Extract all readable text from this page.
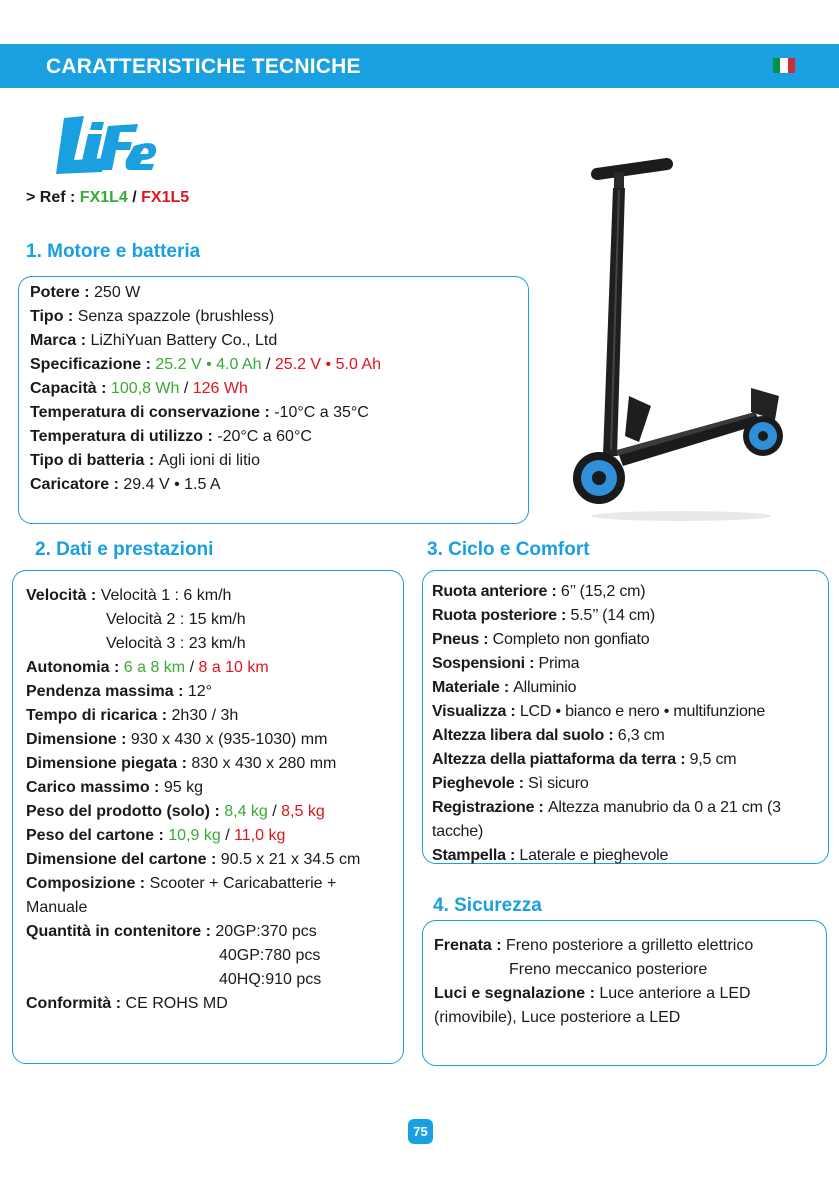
CARATTERISTICHE TECNICHE
> Ref : FX1L4 / FX1L5
1. Motore e batteria
Potere : 250 W
Tipo : Senza spazzole (brushless)
Marca : LiZhiYuan Battery Co., Ltd
Specificazione : 25.2 V • 4.0 Ah / 25.2 V • 5.0 Ah
Capacità : 100,8 Wh / 126 Wh
Temperatura di conservazione : -10°C a 35°C
Temperatura di utilizzo : -20°C a 60°C
Tipo di batteria : Agli ioni di litio
Caricatore : 29.4 V • 1.5 A
2. Dati e prestazioni
Velocità : Velocità 1 : 6 km/h
Velocità 2 : 15 km/h
Velocità 3 : 23 km/h
Autonomia : 6 a 8 km / 8 a 10 km
Pendenza massima : 12°
Tempo di ricarica : 2h30 / 3h
Dimensione : 930 x 430 x (935-1030) mm
Dimensione piegata : 830 x 430 x 280 mm
Carico massimo : 95 kg
Peso del prodotto (solo) : 8,4 kg / 8,5 kg
Peso del cartone : 10,9 kg / 11,0 kg
Dimensione del cartone : 90.5 x 21 x 34.5 cm
Composizione : Scooter + Caricabatterie +
Manuale
Quantità in contenitore : 20GP:370 pcs
40GP:780 pcs
40HQ:910 pcs
Conformità : CE ROHS MD
3. Ciclo e Comfort
Ruota anteriore : 6’’ (15,2 cm)
Ruota posteriore : 5.5’’ (14 cm)
Pneus : Completo non gonfiato
Sospensioni : Prima
Materiale : Alluminio
Visualizza : LCD • bianco e nero • multifunzione
Altezza libera dal suolo : 6,3 cm
Altezza della piattaforma da terra : 9,5 cm
Pieghevole : Sì sicuro
Registrazione : Altezza manubrio da 0 a 21 cm (3
tacche)
Stampella : Laterale e pieghevole
4. Sicurezza
Frenata : Freno posteriore a grilletto elettrico
Freno meccanico posteriore
Luci e segnalazione : Luce anteriore a LED
(rimovibile), Luce posteriore a LED
75
